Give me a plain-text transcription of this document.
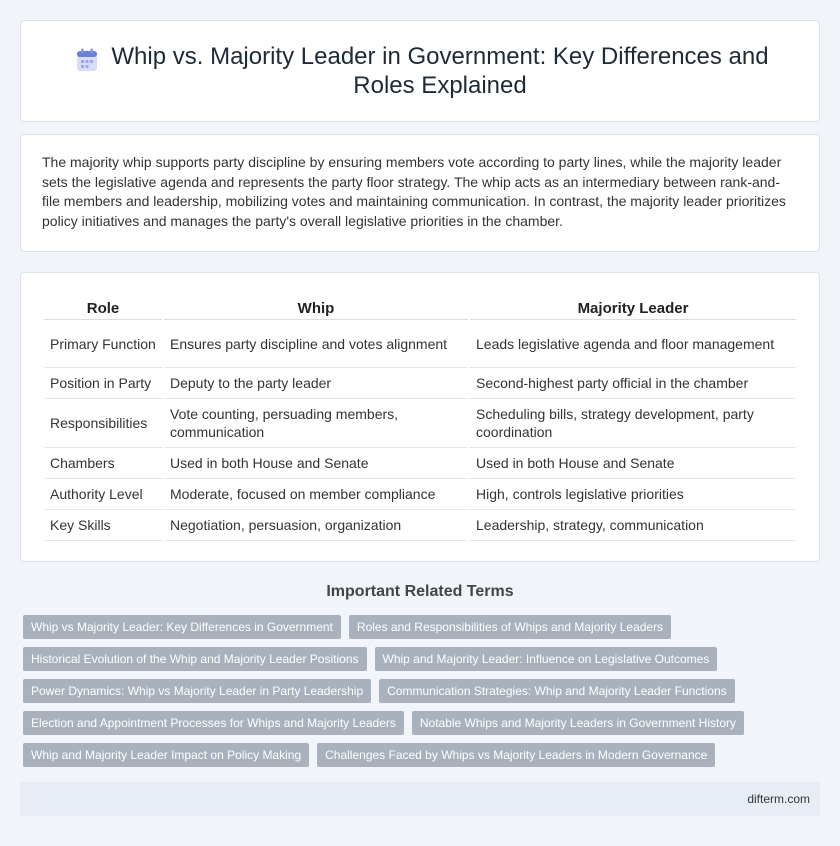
Whip vs. Majority Leader in Government: Key Differences and Roles Explained

The majority whip supports party discipline by ensuring members vote according to party lines, while the majority leader sets the legislative agenda and represents the party floor strategy. The whip acts as an intermediary between rank-and-file members and leadership, mobilizing votes and maintaining communication. In contrast, the majority leader prioritizes policy initiatives and manages the party's overall legislative priorities in the chamber.

Role	Whip	Majority Leader
Primary Function	Ensures party discipline and votes alignment	Leads legislative agenda and floor management
Position in Party	Deputy to the party leader	Second-highest party official in the chamber
Responsibilities	Vote counting, persuading members, communication	Scheduling bills, strategy development, party coordination
Chambers	Used in both House and Senate	Used in both House and Senate
Authority Level	Moderate, focused on member compliance	High, controls legislative priorities
Key Skills	Negotiation, persuasion, organization	Leadership, strategy, communication
Important Related Terms
Whip vs Majority Leader: Key Differences in Government	Roles and Responsibilities of Whips and Majority Leaders
Historical Evolution of the Whip and Majority Leader Positions	Whip and Majority Leader: Influence on Legislative Outcomes
Power Dynamics: Whip vs Majority Leader in Party Leadership	Communication Strategies: Whip and Majority Leader Functions
Election and Appointment Processes for Whips and Majority Leaders	Notable Whips and Majority Leaders in Government History
Whip and Majority Leader Impact on Policy Making	Challenges Faced by Whips vs Majority Leaders in Modern Governance
difterm.com
